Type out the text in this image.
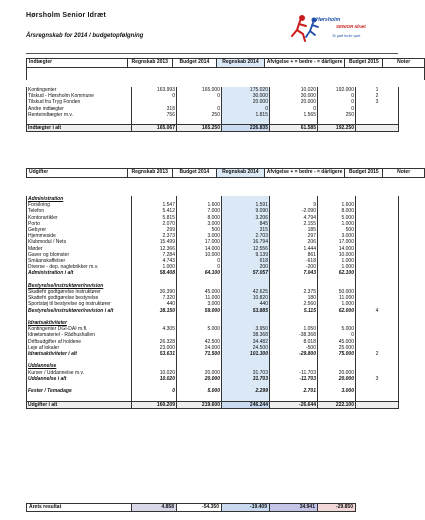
Hørsholm Senior Idræt
Årsregnskab for 2014 / budgetopfølgning
Hørsholm
SENIOR Idræt
Ta' godt fra for sport
Indtægter	Regnskab 2013	Budget 2014	Regnskab 2014	Afvigelse + = bedre - = dårligere	Budget 2015	Noter

Kontingenter	163.993	165.000	175.020	10.020	192.000	1
Tilskud - Hørsholm Kommune	0	0	30.000	30.000	0	2
Tilskud fra Tryg Fonden			20.000	20.000	0	3
Andre indtægter	318	0	0	0	0	
Renteindtægter m.v.	756	250	1.815	1.565	250	

Indtægter i alt	165.067	165.250	226.835	61.585	192.250	
Udgifter	Regnskab 2013	Budget 2014	Regnskab 2014	Afvigelse + = bedre - = dårligere	Budget 2015	Noter
Administration						
Forsikring	1.547	1.600	1.591	9	1.600	
Telefon	5.412	7.000	9.090	-2.090	8.000	
Kontorartikler	5.815	8.000	3.206	4.794	5.000	
Porto	2.070	3.000	845	2.155	1.000	
Gebyrer	299	500	315	185	500	
Hjemmeside	2.373	3.000	2.703	297	3.000	
Klubmodul / Nets	15.499	17.000	16.794	206	17.000	
Møder	12.366	14.000	12.556	1.444	14.000	
Gaver og blomster	7.284	10.000	9.139	861	10.000	
Småanskaffelser	4.743	0	618	-618	1.000	
Diverse - dep. naglebrikker m.v.	1.000	0	200	-200	1.000	
Administration i alt	58.408	64.100	57.057	7.043	62.100	

Bestyrelse/instruktører/revision						
Skattefri godtgørelse instruktører	30.390	45.000	42.625	2.375	50.000	
Skattefri godtgørelse bestyrelse	7.320	11.000	10.820	180	11.000	
Sportstøj til bestyrelse og instruktører	440	3.000	440	2.560	1.000	
Bestyrelse/instruktører/revision i alt	38.150	59.000	53.885	5.115	62.000	4

Idrætsaktiviteter						
Kontingenter DGI-DAI m.fl.	4.305	5.000	3.950	1.050	5.000	
Idrætsmateriel - Rådhushallen			38.368	-38.368	0	
Driftsudgifter af holdene	26.328	42.500	34.482	8.018	45.000	
Leje af lokaler	23.000	24.000	24.500	-500	25.000	
Idrætsaktiviteter i alt	53.631	71.500	101.300	-29.800	75.000	2

Uddannelse						
Kurser / Uddannelse m.v.	10.020	20.000	31.703	-11.703	20.000	
Uddannelse i alt	10.020	20.000	31.703	-11.703	20.000	3

Fester / Temadage	0	5.000	2.299	2.701	3.000	

Udgifter i alt	160.209	219.600	246.244	-26.644	222.100	
Årets resultat	4.858	-54.350	-19.409	34.941	-29.850	
